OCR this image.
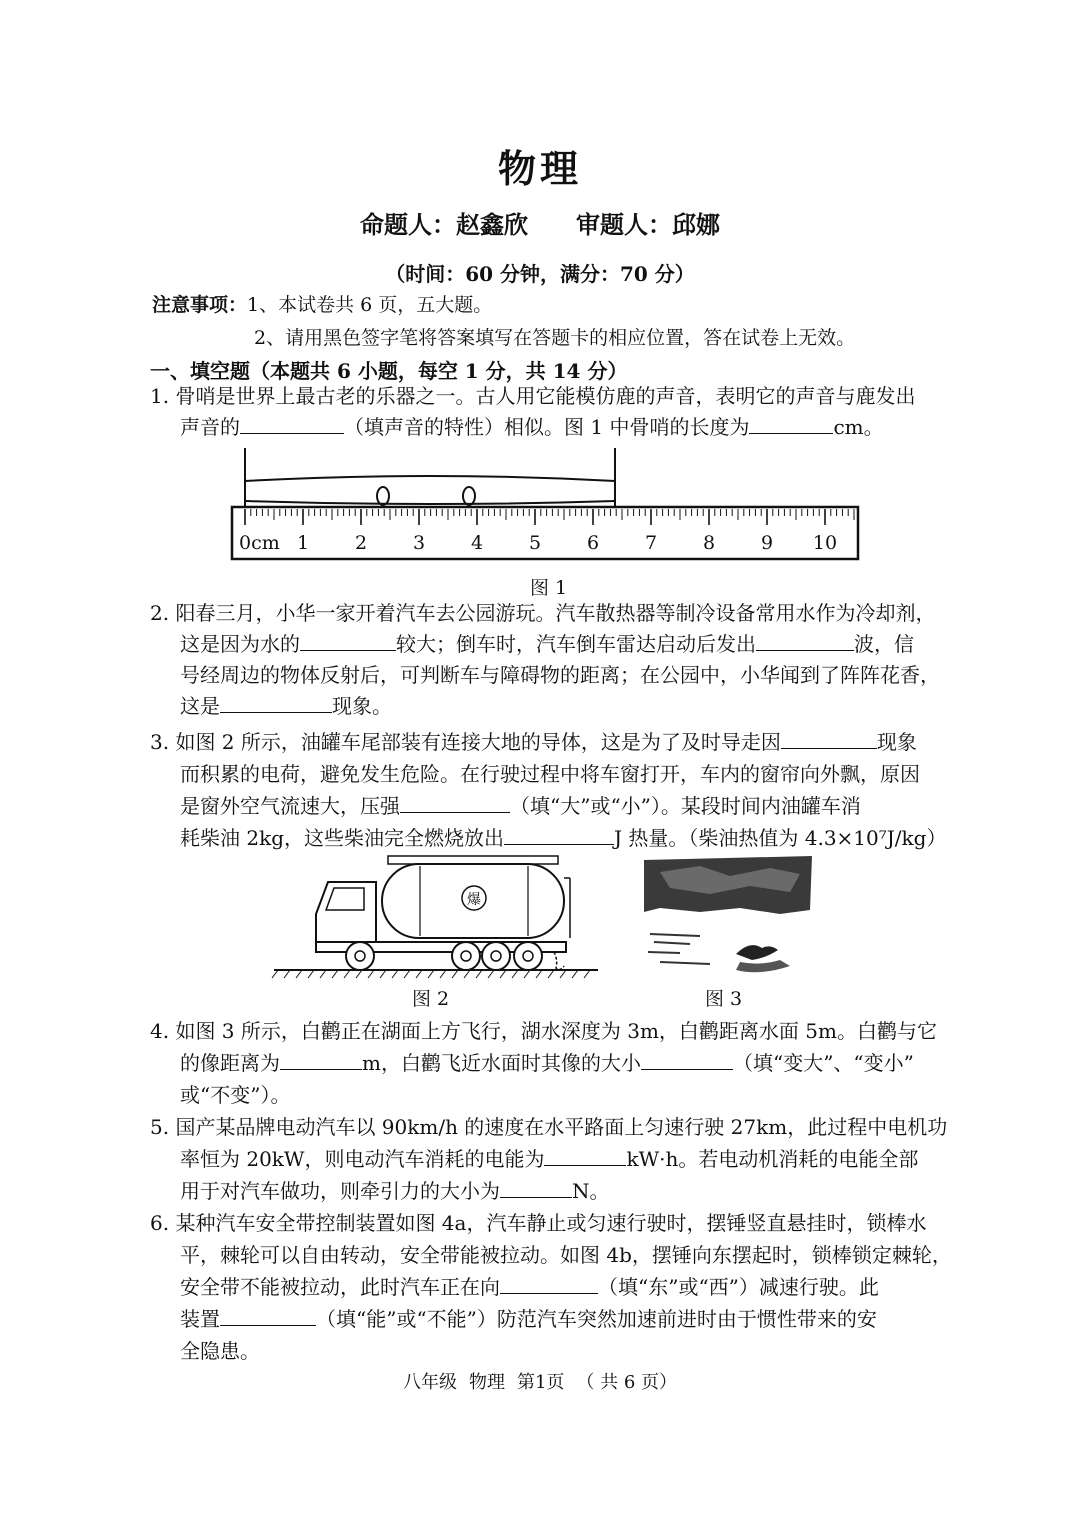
物理
命题人：赵鑫欣 审题人：邱娜
（时间：60 分钟，满分：70 分）
注意事项：1、本试卷共 6 页，五大题。
2、请用黑色签字笔将答案填写在答题卡的相应位置，答在试卷上无效。
一、填空题（本题共 6 小题，每空 1 分，共 14 分）
1. 骨哨是世界上最古老的乐器之一。古人用它能模仿鹿的声音，表明它的声音与鹿发出
声音的	（填声音的特性）相似。图 1 中骨哨的长度为	cm。
0cm 1 2 3 4 5 6 7 8 9 10
图 1
2. 阳春三月，小华一家开着汽车去公园游玩。汽车散热器等制冷设备常用水作为冷却剂，
这是因为水的	较大；倒车时，汽车倒车雷达启动后发出	波，信
号经周边的物体反射后，可判断车与障碍物的距离；在公园中，小华闻到了阵阵花香，
这是	现象。
3. 如图 2 所示，油罐车尾部装有连接大地的导体，这是为了及时导走因	现象
而积累的电荷，避免发生危险。在行驶过程中将车窗打开，车内的窗帘向外飘，原因
是窗外空气流速大，压强	（填“大”或“小”）。某段时间内油罐车消
耗柴油 2kg，这些柴油完全燃烧放出	J 热量。（柴油热值为 4.3×10⁷J/kg）
爆
图 2	图 3
4. 如图 3 所示，白鹳正在湖面上方飞行，湖水深度为 3m，白鹳距离水面 5m。白鹳与它
的像距离为	m，白鹳飞近水面时其像的大小	（填“变大”、“变小”
或“不变”）。
5. 国产某品牌电动汽车以 90km/h 的速度在水平路面上匀速行驶 27km，此过程中电机功
率恒为 20kW，则电动汽车消耗的电能为	kW·h。若电动机消耗的电能全部
用于对汽车做功，则牵引力的大小为	N。
6. 某种汽车安全带控制装置如图 4a，汽车静止或匀速行驶时，摆锤竖直悬挂时，锁棒水
平，棘轮可以自由转动，安全带能被拉动。如图 4b，摆锤向东摆起时，锁棒锁定棘轮，
安全带不能被拉动，此时汽车正在向	（填“东”或“西”）减速行驶。此
装置	（填“能”或“不能”）防范汽车突然加速前进时由于惯性带来的安
全隐患。
八年级 物理 第1页 （ 共 6 页）
